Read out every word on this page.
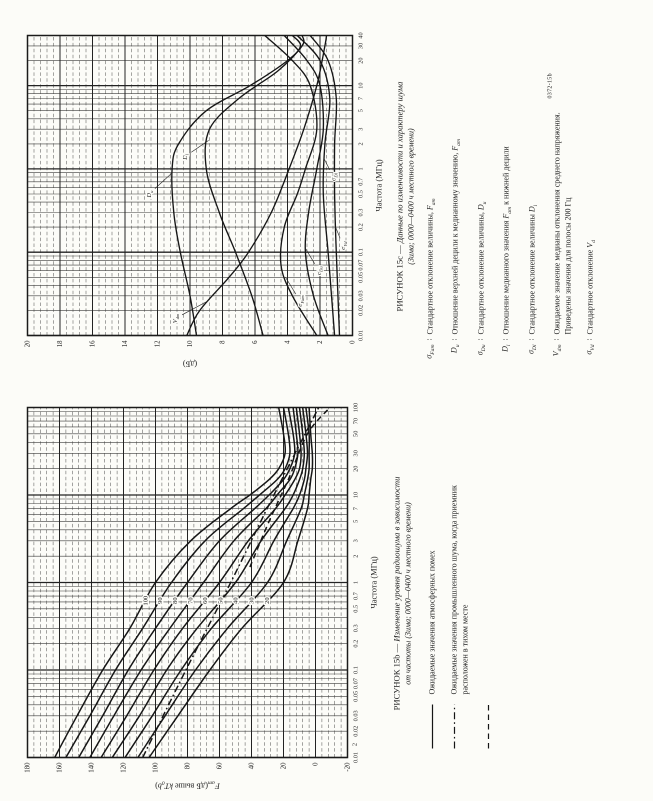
$D_u$
$D_l$
$V_{dm}$
$\sigma_{Fam}$
$\sigma_{Du}$
$\sigma_{Dl}$
$\sigma_{Vd}$
0.01
0.02
0.03
0.05
0.07
0.1
0.2
0.3
0.5
0.7
1
2
3
5
7
10
20
30
40
20	18	16	14	12	10	8	6	4	2	0
Частота (МГц)
(дБ)
РИСУНОК 15с — Данные по изменчивости и характеру шума (Зима; 0000—0400 ч местного времени)
$\sigma_{Fam}$
:
Стандартное отклонение величины, $F_{am}$
$D_u$
:
Отношение верхней децили к медианному значению, $F_{am}$
$\sigma_{Du}$
:
Стандартное отклонение величины, $D_u$
$D_l$
:
Отношение медианного значения $F_{am}$ к нижней децили
$\sigma_{Dl}$
:
Стандартное отклонение величины $D_l$
$V_{dm}$
:
Ожидаемое значение медианы отклонения среднего напряжения. Приведены значения для полосы 200 Гц
$\sigma_{Vd}$
:
Стандартное отклонение $V_d$
0372-15b
100 90 80 70 60 50 40 30 20
0.01
0.02
0.03
0.05
0.07
0.1
0.2
0.3
0.5
0.7
1
2
3
5
7
10
20
30
50
70
100
180	160	140	120	100	80	60	40	20	0	-20
Частота (МГц)
$F_{am}(дБ$ выше $kT_0b$)
2
РИСУНОК 15b — Изменение уровня радиошума в зависимости от частоты (Зима; 0000—0400 ч местного времени) Ожидаемые значения атмосферных помех Ожидаемые значения промышленного шума, когда приемник расположен в тихом месте
